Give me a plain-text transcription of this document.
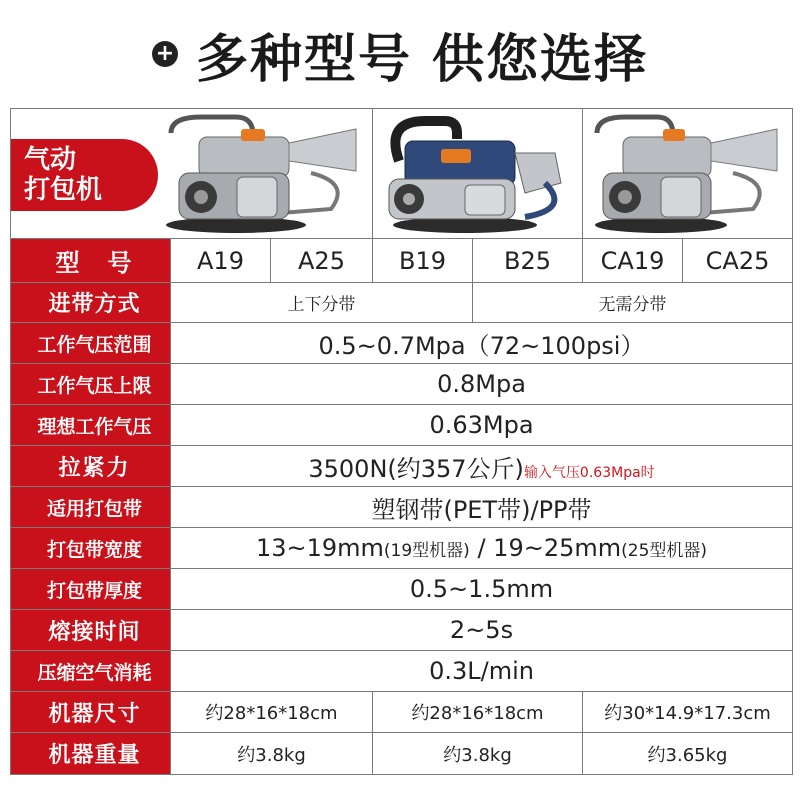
+ 多种型号 供您选择
气动
打包机

型　号	A19	A25	B19	B25	CA19	CA25
进带方式	上下分带			无需分带		
工作气压范围	0.5~0.7Mpa（72~100psi）					
工作气压上限	0.8Mpa					
理想工作气压	0.63Mpa					
拉紧力	3500N(约357公斤)输入气压0.63Mpa时					
适用打包带	塑钢带(PET带)/PP带					
打包带宽度	13~19mm(19型机器) / 19~25mm(25型机器)					
打包带厚度	0.5~1.5mm					
熔接时间	2~5s					
压缩空气消耗	0.3L/min					
机器尺寸	约28*16*18cm		约28*16*18cm		约30*14.9*17.3cm	
机器重量	约3.8kg		约3.8kg		约3.65kg	
